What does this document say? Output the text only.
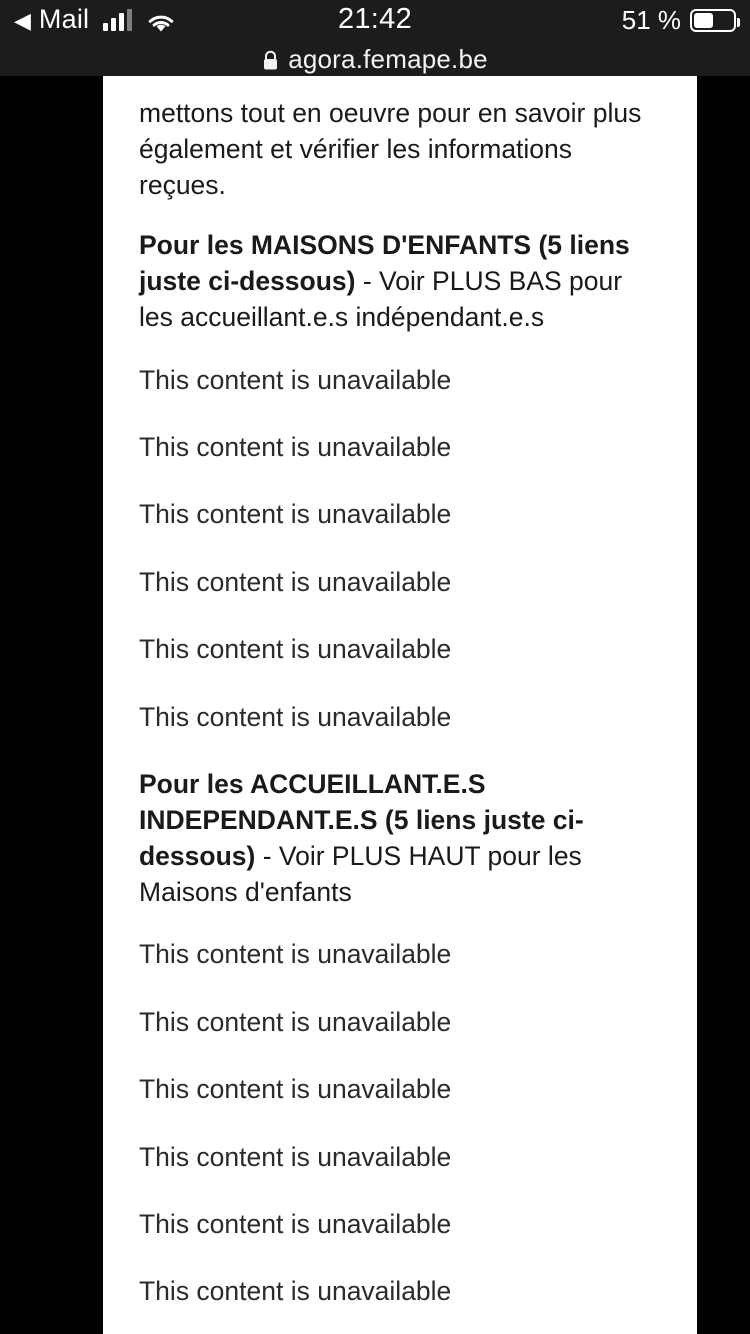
◀ Mail	21:42	51 %
agora.femape.be
mettons tout en oeuvre pour en savoir plus également et vérifier les informations reçues.
Pour les MAISONS D'ENFANTS (5 liens juste ci-dessous) - Voir PLUS BAS pour les accueillant.e.s indépendant.e.s
This content is unavailable
This content is unavailable
This content is unavailable
This content is unavailable
This content is unavailable
This content is unavailable
Pour les ACCUEILLANT.E.S INDEPENDANT.E.S (5 liens juste ci-dessous) - Voir PLUS HAUT pour les Maisons d'enfants
This content is unavailable
This content is unavailable
This content is unavailable
This content is unavailable
This content is unavailable
This content is unavailable
